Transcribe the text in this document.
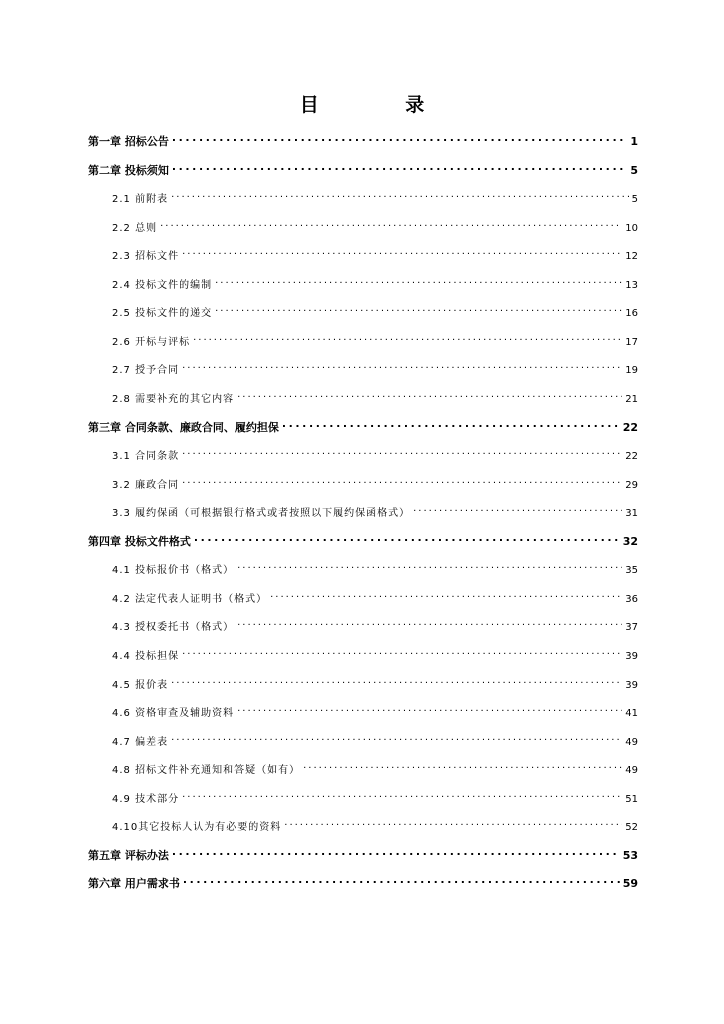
目 录
第一章 招标公告 .....	1
第二章 投标须知 .....	5
2.1 前附表 .....	5
2.2 总则 .....	10
2.3 招标文件 .....	12
2.4 投标文件的编制 .....	13
2.5 投标文件的递交 .....	16
2.6 开标与评标 .....	17
2.7 授予合同 .....	19
2.8 需要补充的其它内容 .....	21
第三章 合同条款、廉政合同、履约担保 .....	22
3.1 合同条款 .....	22
3.2 廉政合同 .....	29
3.3 履约保函（可根据银行格式或者按照以下履约保函格式） .....	31
第四章 投标文件格式 .....	32
4.1 投标报价书（格式） .....	35
4.2 法定代表人证明书（格式） .....	36
4.3 授权委托书（格式） .....	37
4.4 投标担保 .....	39
4.5 报价表 .....	39
4.6 资格审查及辅助资料 .....	41
4.7 偏差表 .....	49
4.8 招标文件补充通知和答疑（如有） .....	49
4.9 技术部分 .....	51
4.10其它投标人认为有必要的资料 .....	52
第五章 评标办法 .....	53
第六章 用户需求书 .....	59
